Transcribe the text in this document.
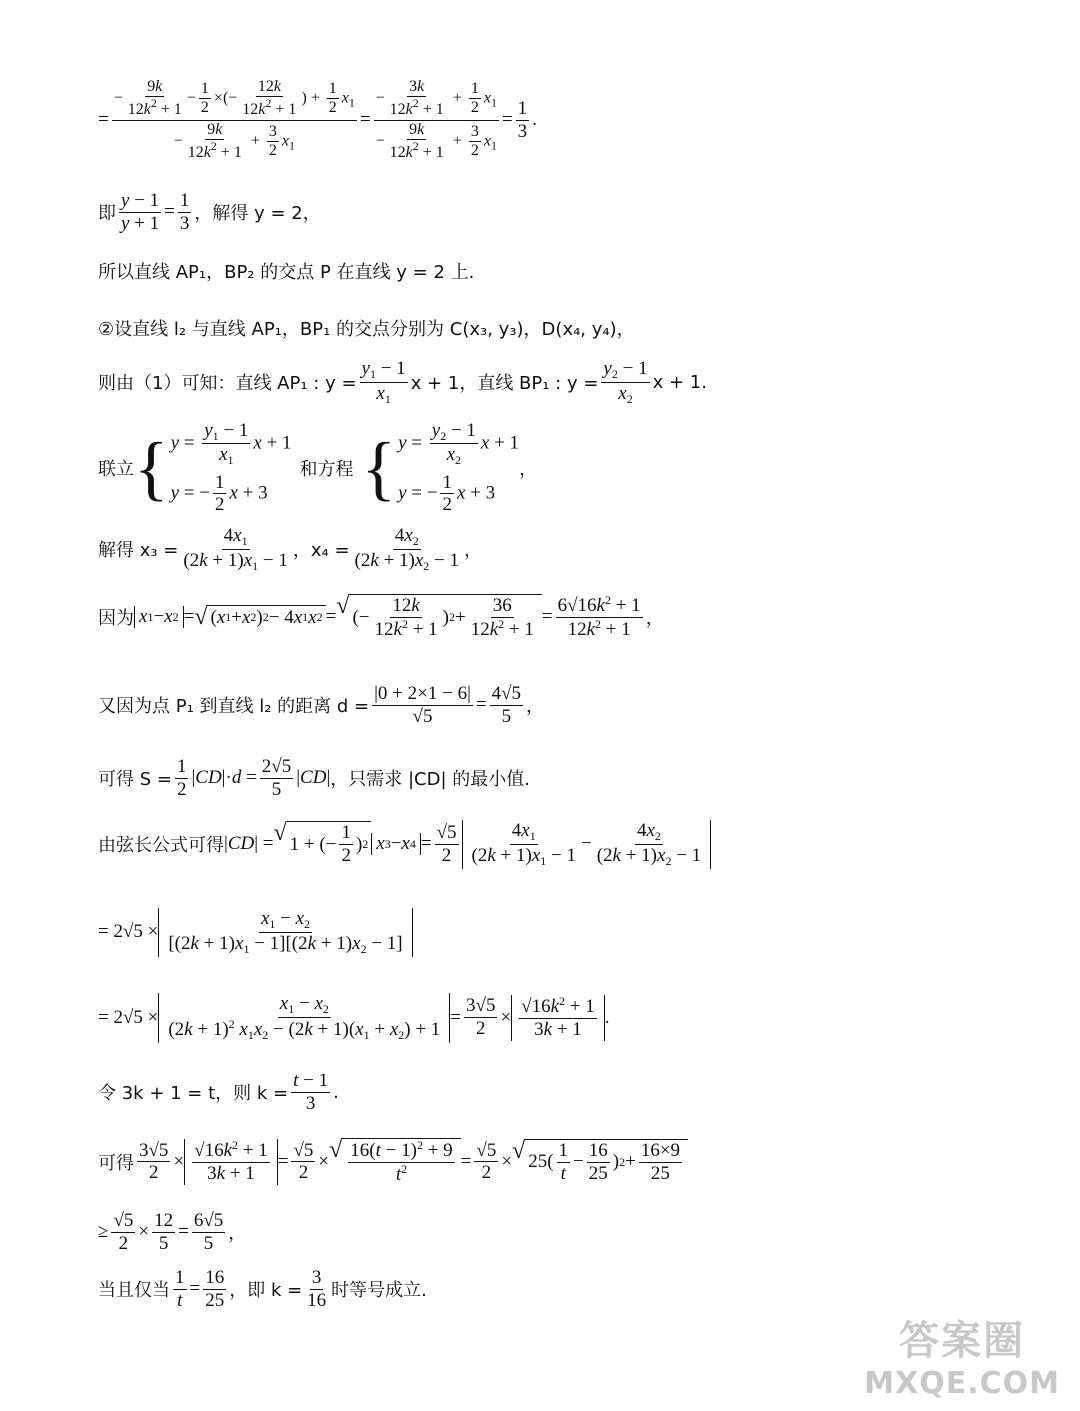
= $\frac{- \frac{9k}{12k^2 + 1} - \frac{1}{2} \times(- \frac{12k}{12k^2 + 1} ) + \frac{1}{2} x_1}{- \frac{9k}{12k^2 + 1} + \frac{3}{2} x_1} = \frac{- \frac{3k}{12k^2 + 1} + \frac{1}{2} x_1}{- \frac{9k}{12k^2 + 1} + \frac{3}{2} x_1} = \frac{1}{3}$ .
即 $\frac{y - 1}{y + 1} = \frac{1}{3}$ ，解得 y = 2，
所以直线 AP₁，BP₂ 的交点 P 在直线 y = 2 上.
②设直线 l₂ 与直线 AP₁，BP₁ 的交点分别为 C(x₃, y₃)，D(x₄, y₄)，
则由（1）可知：直线 AP₁ : $y = \frac{y_1 - 1}{x_1}$ x + 1，直线 BP₁ : $y = \frac{y_2 - 1}{x_2}$ x + 1.
联立 { $y = \frac{y_1 - 1}{x_1}$ x + 1
y = − $\frac{1}{2}$ x + 3
和方程 { $y = \frac{y_2 - 1}{x_2}$ x + 1
y = − $\frac{1}{2}$ x + 3
，
解得 $x_3 = \frac{4x_1}{(2k + 1)x_1 - 1}$ ，$x_4 = \frac{4x_2}{(2k + 1)x_2 - 1}$ ，
因为 x 1 − x 2 = √ ( x 1 + x 2 ) 2 − 4 x 1 x 2 = √ (−
12k
$12k^2 + 1$
) 2 +
36
$12k^2 + 1$
= $\frac{6√16k^2 + 1}{12k^2 + 1}$ ，
又因为点 P₁ 到直线 l₂ 的距离 $d = \frac{|0 + 2\times 1 - 6|}{√5} = \frac{4√5}{5}$ ，
可得 $S = \frac{1}{2} |CD|\cdot d = \frac{2√5}{5} |CD|$ ，只需求 |CD| 的最小值.
由弦长公式可得 |CD| = √ 1 + (−
1
2
) 2 x 3 − x $4 = \frac{√5}{2}$	$4x_1$
$(2k + 1)x_1 - 1$
−
$4x_2$
$(2k + 1)x_2 - 1$
= 2√5 ×
$x_1 - x_2$
$[(2k + 1)x_1 - 1][(2k + 1)x_2 - 1]$
= 2√5 ×
$x_1 - x_2$
$(2k + 1)^2$ $x_1x_2 - (2k + 1)(x_1 + x_2) + 1$
= $\frac{3√5}{2}$ ×
$√16k^2 + 1$
3k + 1
.
令 3k + 1 = t，则 $k = \frac{t - 1}{3}$ .
可得 $\frac{3√5}{2}$ ×
$√16k^2 + 1$
3k + 1
= $\frac{√5}{2}$ × √ $16(t - 1)^2 + 9$
$t^2$	= $\frac{√5}{2}$ × √ 25(
1
t
−
16
25
) 2 +
16×9
25
≥ $\frac{√5}{2} \times \frac{12}{5} = \frac{6√5}{5}$ ，
当且仅当 $\frac{1}{t} = \frac{16}{25}$ ，即 $k = \frac{3}{16}$ 时等号成立.
答案圈
MXQE.COM
